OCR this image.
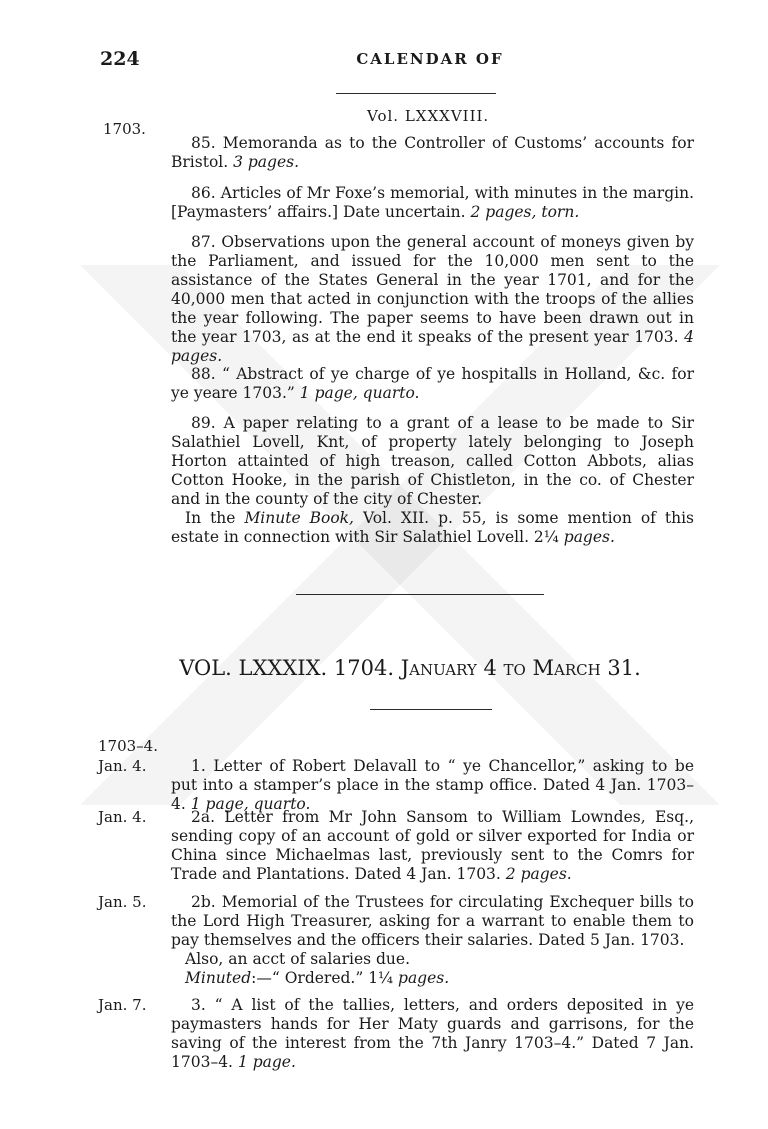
224	CALENDAR OF
Vol. LXXXVIII.
1703.

85. Memoranda as to the Controller of Customs’ accounts for Bristol. 3 pages.

86. Articles of Mr Foxe’s memorial, with minutes in the margin. [Paymasters’ affairs.] Date uncertain. 2 pages, torn.

87. Observations upon the general account of moneys given by the Parliament, and issued for the 10,000 men sent to the assistance of the States General in the year 1701, and for the 40,000 men that acted in conjunction with the troops of the allies the year following. The paper seems to have been drawn out in the year 1703, as at the end it speaks of the present year 1703. 4 pages.

88. “ Abstract of ye charge of ye hospitalls in Holland, &c. for ye yeare 1703.” 1 page, quarto.

89. A paper relating to a grant of a lease to be made to Sir Salathiel Lovell, Knt, of property lately belonging to Joseph Horton attainted of high treason, called Cotton Abbots, alias Cotton Hooke, in the parish of Chistleton, in the co. of Chester and in the county of the city of Chester.

In the Minute Book, Vol. XII. p. 55, is some mention of this estate in connection with Sir Salathiel Lovell. 2¼ pages.

VOL. LXXXIX. 1704. January 4 to March 31.
1703–4.
Jan. 4.	1. Letter of Robert Delavall to “ ye Chancellor,” asking to be put into a stamper’s place in the stamp office. Dated 4 Jan. 1703–4. 1 page, quarto.

Jan. 4.	2a. Letter from Mr John Sansom to William Lowndes, Esq., sending copy of an account of gold or silver exported for India or China since Michaelmas last, previously sent to the Comrs for Trade and Plantations. Dated 4 Jan. 1703. 2 pages.

Jan. 5.	2b. Memorial of the Trustees for circulating Exchequer bills to the Lord High Treasurer, asking for a warrant to enable them to pay themselves and the officers their salaries. Dated 5 Jan. 1703.

Also, an acct of salaries due.

Minuted:—“ Ordered.” 1¼ pages.

Jan. 7.	3. “ A list of the tallies, letters, and orders deposited in ye paymasters hands for Her Maty guards and garrisons, for the saving of the interest from the 7th Janry 1703–4.” Dated 7 Jan. 1703–4. 1 page.
